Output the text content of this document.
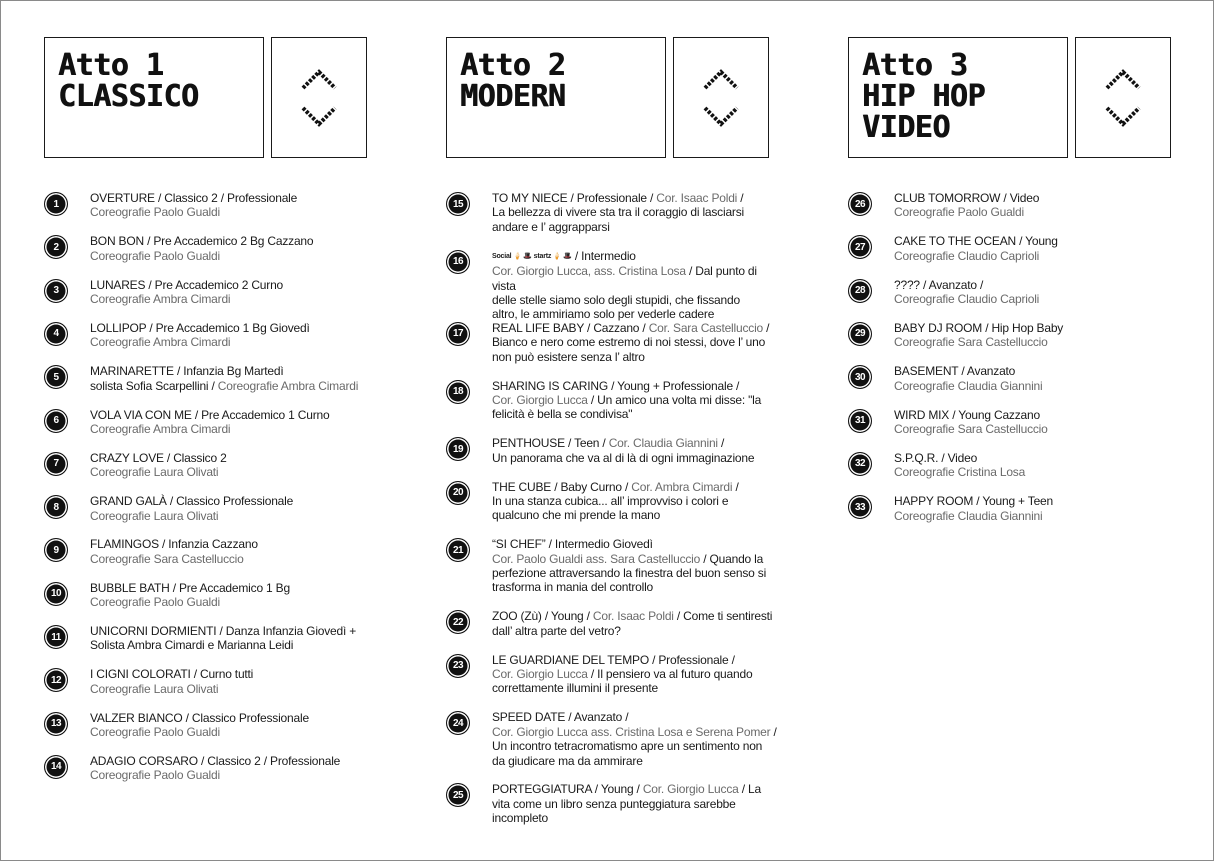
Atto 1
CLASSICO
1	OVERTURE / Classico 2 / Professionale
Coreografie Paolo Gualdi
2	BON BON / Pre Accademico 2 Bg Cazzano
Coreografie Paolo Gualdi
3	LUNARES / Pre Accademico 2 Curno
Coreografie Ambra Cimardi
4	LOLLIPOP / Pre Accademico 1 Bg Giovedì
Coreografie Ambra Cimardi
5	MARINARETTE / Infanzia Bg Martedì
solista Sofia Scarpellini / Coreografie Ambra Cimardi
6	VOLA VIA CON ME / Pre Accademico 1 Curno
Coreografie Ambra Cimardi
7	CRAZY LOVE / Classico 2
Coreografie Laura Olivati
8	GRAND GALÀ / Classico Professionale
Coreografie Laura Olivati
9	FLAMINGOS / Infanzia Cazzano
Coreografie Sara Castelluccio
10	BUBBLE BATH / Pre Accademico 1 Bg
Coreografie Paolo Gualdi
11	UNICORNI DORMIENTI / Danza Infanzia Giovedì +
Solista Ambra Cimardi e Marianna Leidi
12	I CIGNI COLORATI / Curno tutti
Coreografie Laura Olivati
13	VALZER BIANCO / Classico Professionale
Coreografie Paolo Gualdi
14	ADAGIO CORSARO / Classico 2 / Professionale
Coreografie Paolo Gualdi
Atto 2
MODERN
15	TO MY NIECE / Professionale / Cor. Isaac Poldi /
La bellezza di vivere sta tra il coraggio di lasciarsi
andare e l’ aggrapparsi
16	Social 🍦 🎩 startz 🍦 🎩 / Intermedio
Cor. Giorgio Lucca, ass. Cristina Losa / Dal punto di vista
delle stelle siamo solo degli stupidi, che fissando
altro, le ammiriamo solo per vederle cadere
17	REAL LIFE BABY / Cazzano / Cor. Sara Castelluccio /
Bianco e nero come estremo di noi stessi, dove l’ uno
non può esistere senza l’ altro
18	SHARING IS CARING / Young + Professionale /
Cor. Giorgio Lucca / Un amico una volta mi disse: "la
felicità è bella se condivisa"
19	PENTHOUSE / Teen / Cor. Claudia Giannini /
Un panorama che va al di là di ogni immaginazione
20	THE CUBE / Baby Curno / Cor. Ambra Cimardi /
In una stanza cubica... all’ improvviso i colori e
qualcuno che mi prende la mano
21	“SI CHEF” / Intermedio Giovedì
Cor. Paolo Gualdi ass. Sara Castelluccio / Quando la
perfezione attraversando la finestra del buon senso si
trasforma in mania del controllo
22	ZOO (Zù) / Young / Cor. Isaac Poldi / Come ti sentiresti
dall’ altra parte del vetro?
23	LE GUARDIANE DEL TEMPO / Professionale /
Cor. Giorgio Lucca / Il pensiero va al futuro quando
correttamente illumini il presente
24	SPEED DATE / Avanzato /
Cor. Giorgio Lucca ass. Cristina Losa e Serena Pomer /
Un incontro tetracromatismo apre un sentimento non
da giudicare ma da ammirare
25	PORTEGGIATURA / Young / Cor. Giorgio Lucca / La
vita come un libro senza punteggiatura sarebbe
incompleto
Atto 3
HIP HOP
VIDEO
26	CLUB TOMORROW / Video
Coreografie Paolo Gualdi
27	CAKE TO THE OCEAN / Young
Coreografie Claudio Caprioli
28	???? / Avanzato /
Coreografie Claudio Caprioli
29	BABY DJ ROOM / Hip Hop Baby
Coreografie Sara Castelluccio
30	BASEMENT / Avanzato
Coreografie Claudia Giannini
31	WIRD MIX / Young Cazzano
Coreografie Sara Castelluccio
32	S.P.Q.R. / Video
Coreografie Cristina Losa
33	HAPPY ROOM / Young + Teen
Coreografie Claudia Giannini
